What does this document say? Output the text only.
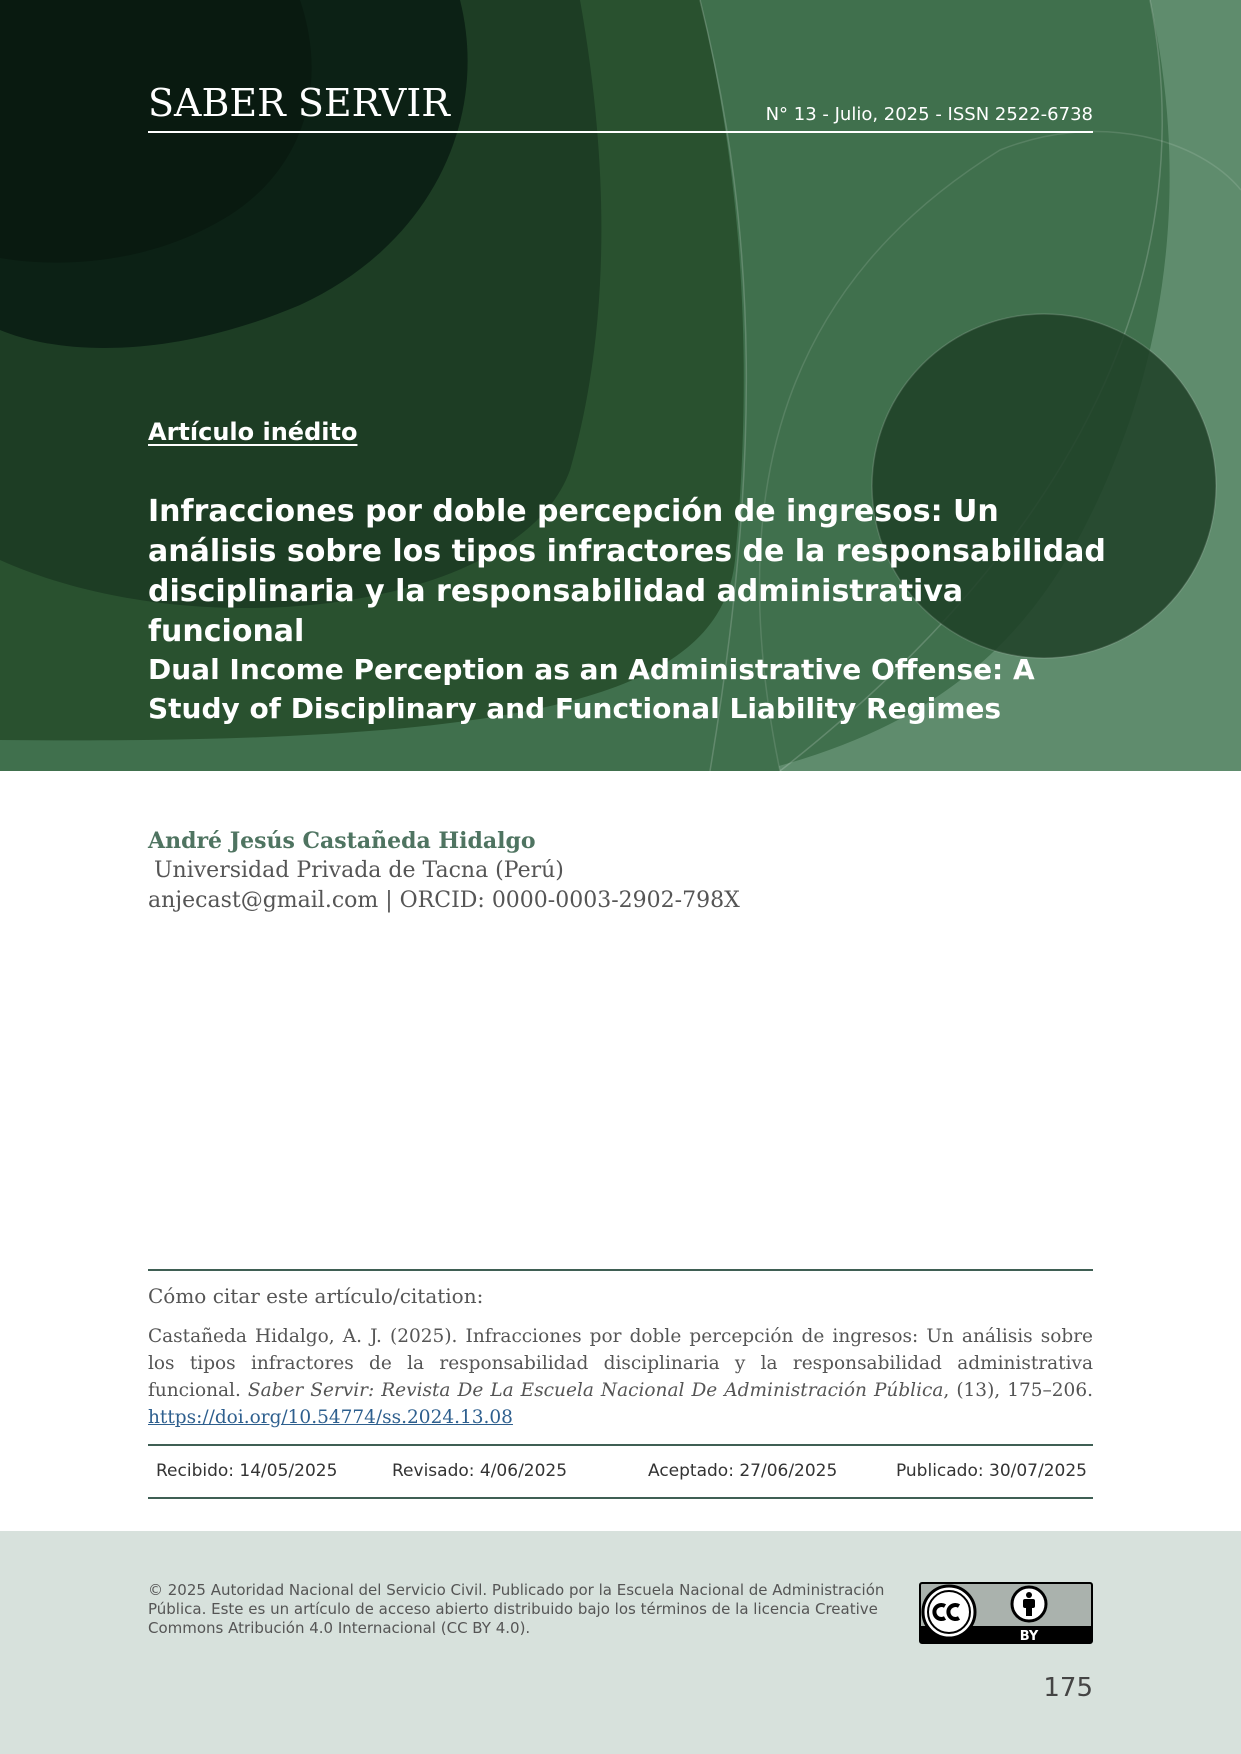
SABER SERVIR	N° 13 - Julio, 2025 - ISSN 2522-6738
Artículo inédito
Infracciones por doble percepción de ingresos: Un análisis sobre los tipos infractores de la responsabilidad disciplinaria y la responsabilidad administrativa funcional
Dual Income Perception as an Administrative Offense: A Study of Disciplinary and Functional Liability Regimes
André Jesús Castañeda Hidalgo
Universidad Privada de Tacna (Perú)
anjecast@gmail.com | ORCID: 0000-0003-2902-798X
Cómo citar este artículo/citation:

Castañeda Hidalgo, A. J. (2025). Infracciones por doble percepción de ingresos: Un análisis sobre los tipos infractores de la responsabilidad disciplinaria y la responsabilidad administrativa funcional. Saber Servir: Revista De La Escuela Nacional De Administración Pública, (13), 175–206. https://doi.org/10.54774/ss.2024.13.08

Recibido: 14/05/2025	Revisado: 4/06/2025	Aceptado: 27/06/2025	Publicado: 30/07/2025

© 2025 Autoridad Nacional del Servicio Civil. Publicado por la Escuela Nacional de Administración Pública. Este es un artículo de acceso abierto distribuido bajo los términos de la licencia Creative Commons Atribución 4.0 Internacional (CC BY 4.0).	BY
175
